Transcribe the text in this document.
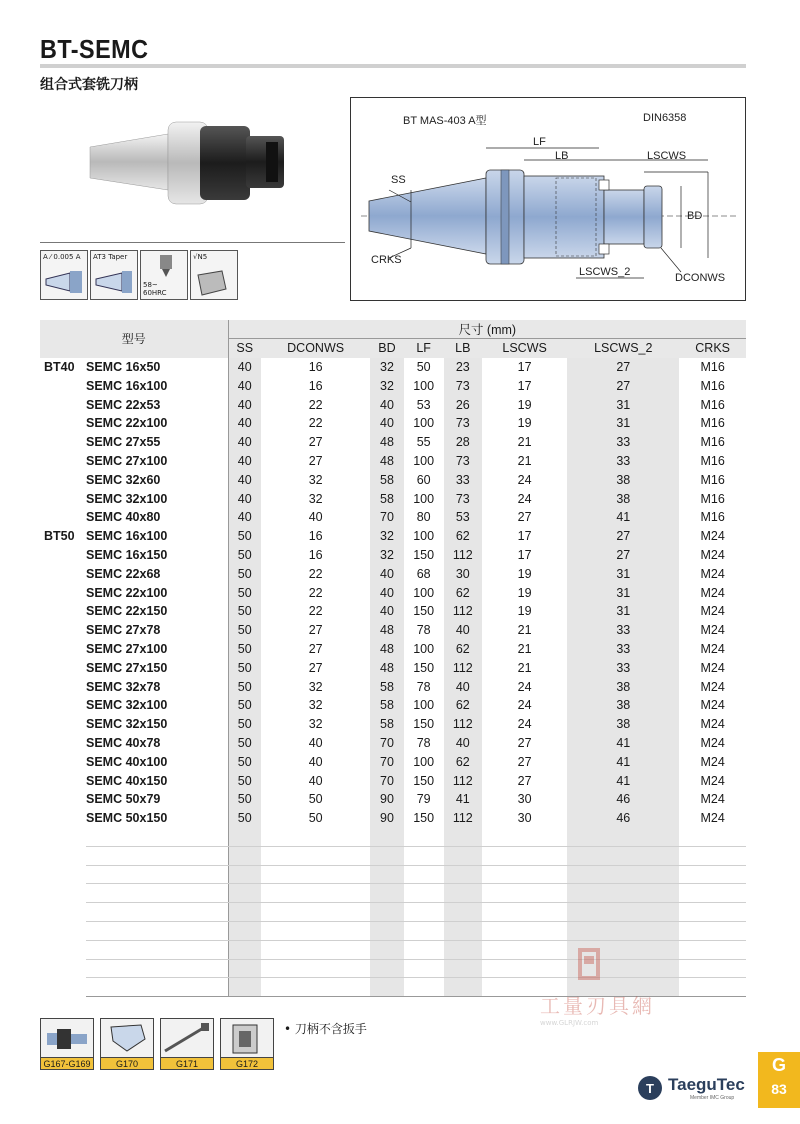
BT-SEMC
组合式套铣刀柄
A ⁄ 0.005 A AT3 Taper
58~
60HRC
√N5
BT MAS-403 A型	DIN6358
LF
LB	LSCWS
SS
BD
CRKS
LSCWS_2	DCONWS
型号		尺寸 (mm)							
		SS	DCONWS	BD	LF	LB	LSCWS	LSCWS_2	CRKS
BT40	SEMC 16x50	40	16	32	50	23	17	27	M16
	SEMC 16x100	40	16	32	100	73	17	27	M16
	SEMC 22x53	40	22	40	53	26	19	31	M16
	SEMC 22x100	40	22	40	100	73	19	31	M16
	SEMC 27x55	40	27	48	55	28	21	33	M16
	SEMC 27x100	40	27	48	100	73	21	33	M16
	SEMC 32x60	40	32	58	60	33	24	38	M16
	SEMC 32x100	40	32	58	100	73	24	38	M16
	SEMC 40x80	40	40	70	80	53	27	41	M16
BT50	SEMC 16x100	50	16	32	100	62	17	27	M24
	SEMC 16x150	50	16	32	150	112	17	27	M24
	SEMC 22x68	50	22	40	68	30	19	31	M24
	SEMC 22x100	50	22	40	100	62	19	31	M24
	SEMC 22x150	50	22	40	150	112	19	31	M24
	SEMC 27x78	50	27	48	78	40	21	33	M24
	SEMC 27x100	50	27	48	100	62	21	33	M24
	SEMC 27x150	50	27	48	150	112	21	33	M24
	SEMC 32x78	50	32	58	78	40	24	38	M24
	SEMC 32x100	50	32	58	100	62	24	38	M24
	SEMC 32x150	50	32	58	150	112	24	38	M24
	SEMC 40x78	50	40	70	78	40	27	41	M24
	SEMC 40x100	50	40	70	100	62	27	41	M24
	SEMC 40x150	50	40	70	150	112	27	41	M24
	SEMC 50x79	50	50	90	79	41	30	46	M24
	SEMC 50x150	50	50	90	150	112	30	46	M24

G167-G169	G170	G171	G172
• 刀柄不含扳手
工量刃具網
www.GLRJW.com
T TaeguTec
Member IMC Group
G
83
